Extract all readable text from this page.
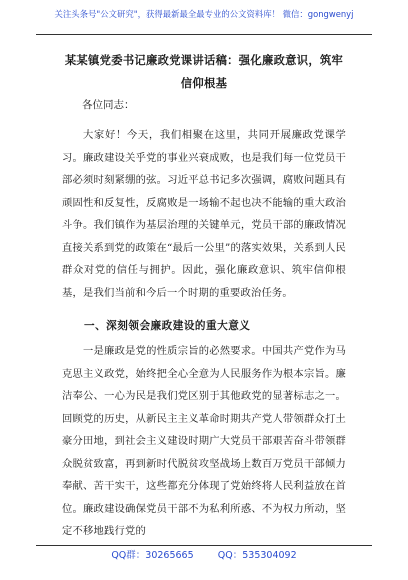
关注头条号"公文研究"，获得最新最全最专业的公文资料库！ 微信：gongwenyj
某某镇党委书记廉政党课讲话稿：强化廉政意识，筑牢信仰根基
各位同志：
大家好！今天，我们相聚在这里，共同开展廉政党课学习。廉政建设关乎党的事业兴衰成败，也是我们每一位党员干部必须时刻紧绷的弦。习近平总书记多次强调，腐败问题具有顽固性和反复性，反腐败是一场输不起也决不能输的重大政治斗争。我们镇作为基层治理的关键单元，党员干部的廉政情况直接关系到党的政策在“最后一公里”的落实效果，关系到人民群众对党的信任与拥护。因此，强化廉政意识、筑牢信仰根基，是我们当前和今后一个时期的重要政治任务。
一、深刻领会廉政建设的重大意义
一是廉政是党的性质宗旨的必然要求。中国共产党作为马克思主义政党，始终把全心全意为人民服务作为根本宗旨。廉洁奉公、一心为民是我们党区别于其他政党的显著标志之一。回顾党的历史，从新民主主义革命时期共产党人带领群众打土豪分田地，到社会主义建设时期广大党员干部艰苦奋斗带领群众脱贫致富，再到新时代脱贫攻坚战场上数百万党员干部倾力奉献、苦干实干，这些都充分体现了党始终将人民利益放在首位。廉政建设确保党员干部不为私利所惑、不为权力所动，坚定不移地践行党的
QQ群：30265665        QQ：535304092
